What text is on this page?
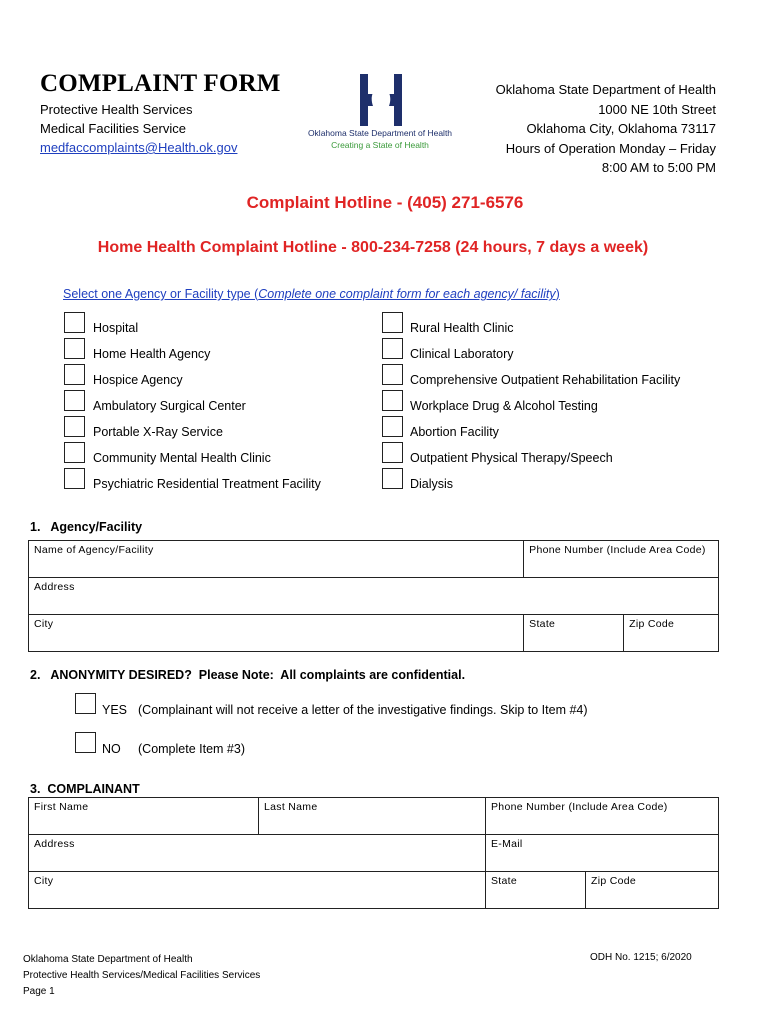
COMPLAINT FORM
Protective Health Services
Medical Facilities Service
medfaccomplaints@Health.ok.gov
Oklahoma State Department of Health
Creating a State of Health
Oklahoma State Department of Health
1000 NE 10th Street
Oklahoma City, Oklahoma 73117
Hours of Operation Monday – Friday
8:00 AM to 5:00 PM
Complaint Hotline - (405) 271-6576
Home Health Complaint Hotline - 800-234-7258 (24 hours, 7 days a week)
Select one Agency or Facility type (Complete one complaint form for each agency/ facility)
Hospital
Home Health Agency
Hospice Agency
Ambulatory Surgical Center
Portable X-Ray Service
Community Mental Health Clinic
Psychiatric Residential Treatment Facility
Rural Health Clinic
Clinical Laboratory
Comprehensive Outpatient Rehabilitation Facility
Workplace Drug & Alcohol Testing
Abortion Facility
Outpatient Physical Therapy/Speech
Dialysis
1.   Agency/Facility
Name of Agency/Facility	Phone Number (Include Area Code)	
Address		
City	State	Zip Code
2.   ANONYMITY DESIRED?  Please Note:  All complaints are confidential.
YES (Complainant will not receive a letter of the investigative findings. Skip to Item #4)
NO (Complete Item #3)
3.  COMPLAINANT
First Name	Last Name	Phone Number (Include Area Code)	
Address		E-Mail	
City		State	Zip Code
Oklahoma State Department of Health
Protective Health Services/Medical Facilities Services
Page 1
ODH No. 1215; 6/2020
